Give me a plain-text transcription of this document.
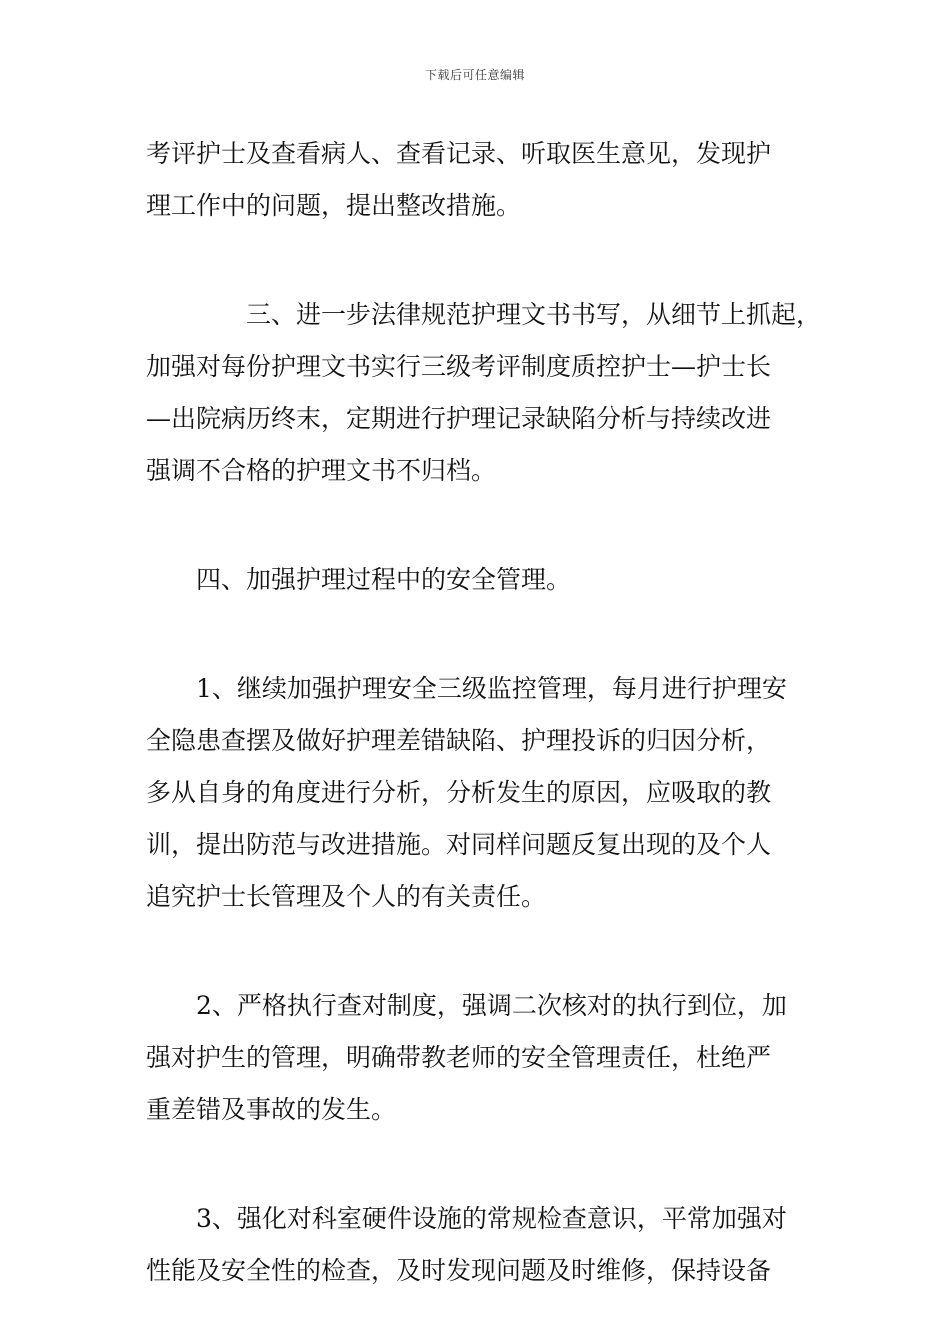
下载后可任意编辑
考评护士及查看病人、查看记录、听取医生意见，发现护
理工作中的问题，提出整改措施。
三、进一步法律规范护理文书书写，从细节上抓起，
加强对每份护理文书实行三级考评制度质控护士—护士长
—出院病历终末，定期进行护理记录缺陷分析与持续改进
强调不合格的护理文书不归档。
四、加强护理过程中的安全管理。
1、继续加强护理安全三级监控管理，每月进行护理安
全隐患查摆及做好护理差错缺陷、护理投诉的归因分析，
多从自身的角度进行分析，分析发生的原因，应吸取的教
训，提出防范与改进措施。对同样问题反复出现的及个人
追究护士长管理及个人的有关责任。
2、严格执行查对制度，强调二次核对的执行到位，加
强对护生的管理，明确带教老师的安全管理责任，杜绝严
重差错及事故的发生。
3、强化对科室硬件设施的常规检查意识，平常加强对
性能及安全性的检查，及时发现问题及时维修，保持设备
